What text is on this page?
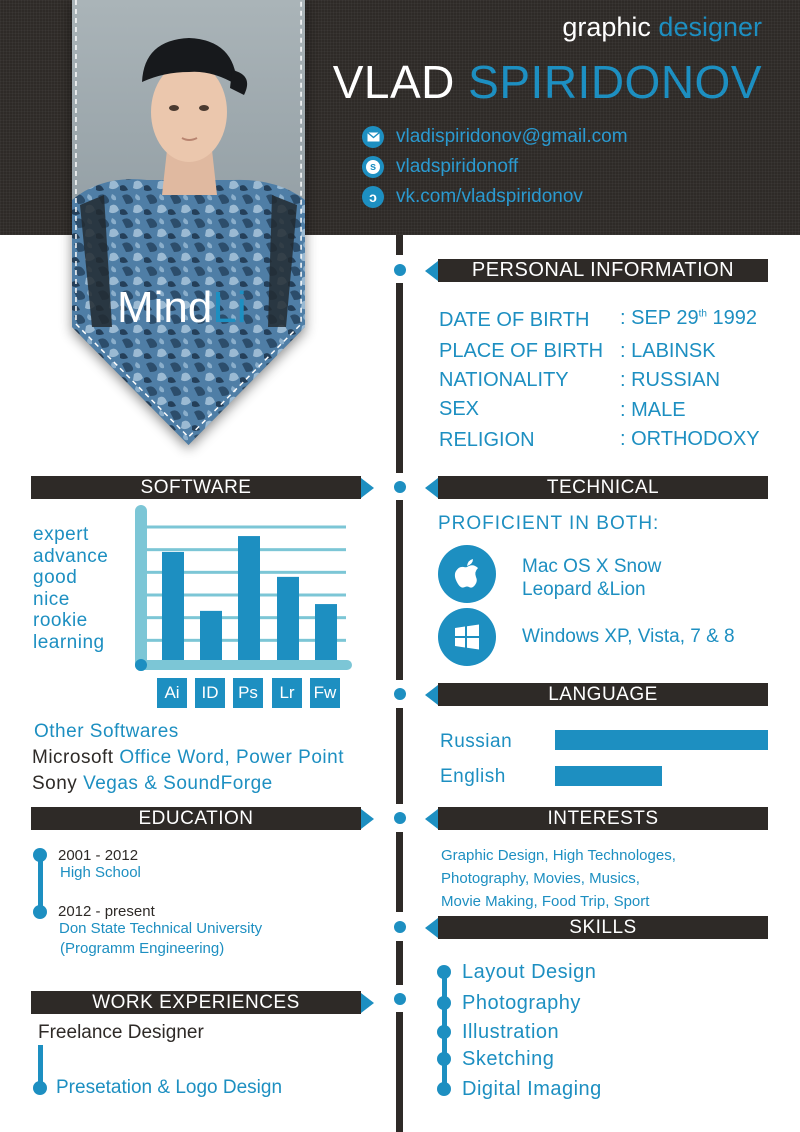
graphic designer
VLAD SPIRIDONOV
vladispiridonov@gmail.com
s vladspiridonoff
ↄ vk.com/vladspiridonov
MindLi
PERSONAL INFORMATION
DATE OF BIRTH : SEP 29th 1992
PLACE OF BIRTH : LABINSK
NATIONALITY	: RUSSIAN
SEX	: MALE
RELIGION	: ORTHODOXY
SOFTWARE
expert
advance
good
nice
rookie
learning
Ai	ID	Ps	Lr	Fw
Other Softwares
Microsoft Office Word, Power Point
Sony Vegas & SoundForge
TECHNICAL
PROFICIENT IN BOTH:
Mac OS X Snow
Leopard &Lion
Windows XP, Vista, 7 & 8
LANGUAGE
Russian
English
EDUCATION
2001 - 2012
High School
2012 - present
Don State Technical University
(Programm Engineering)
INTERESTS
Graphic Design, High Technologes,
Photography, Movies, Musics,
Movie Making, Food Trip, Sport
SKILLS
Layout Design
Photography
Illustration
Sketching
Digital Imaging
WORK EXPERIENCES
Freelance Designer
Presetation & Logo Design
